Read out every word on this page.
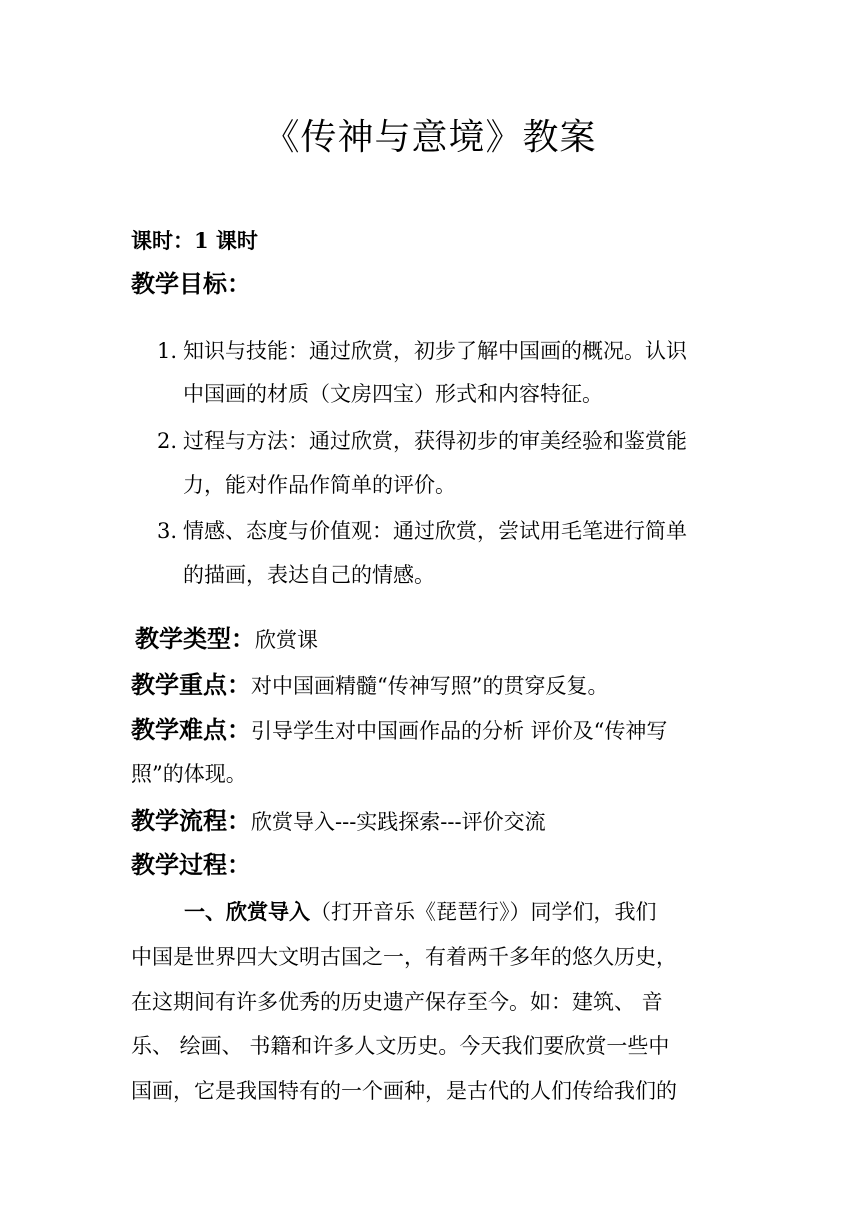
《传神与意境》教案
课时：1 课时
教学目标：
1. 知识与技能：通过欣赏，初步了解中国画的概况。认识
中国画的材质（文房四宝）形式和内容特征。
2. 过程与方法：通过欣赏，获得初步的审美经验和鉴赏能
力，能对作品作简单的评价。
3. 情感、态度与价值观：通过欣赏，尝试用毛笔进行简单
的描画，表达自己的情感。
教学类型：欣赏课
教学重点：对中国画精髓“传神写照”的贯穿反复。
教学难点：引导学生对中国画作品的分析 评价及“传神写
照”的体现。
教学流程：欣赏导入---实践探索---评价交流
教学过程：
一、欣赏导入（打开音乐《琵琶行》）同学们，我们
中国是世界四大文明古国之一，有着两千多年的悠久历史，
在这期间有许多优秀的历史遗产保存至今。如：建筑、 音
乐、 绘画、 书籍和许多人文历史。今天我们要欣赏一些中
国画，它是我国特有的一个画种，是古代的人们传给我们的
